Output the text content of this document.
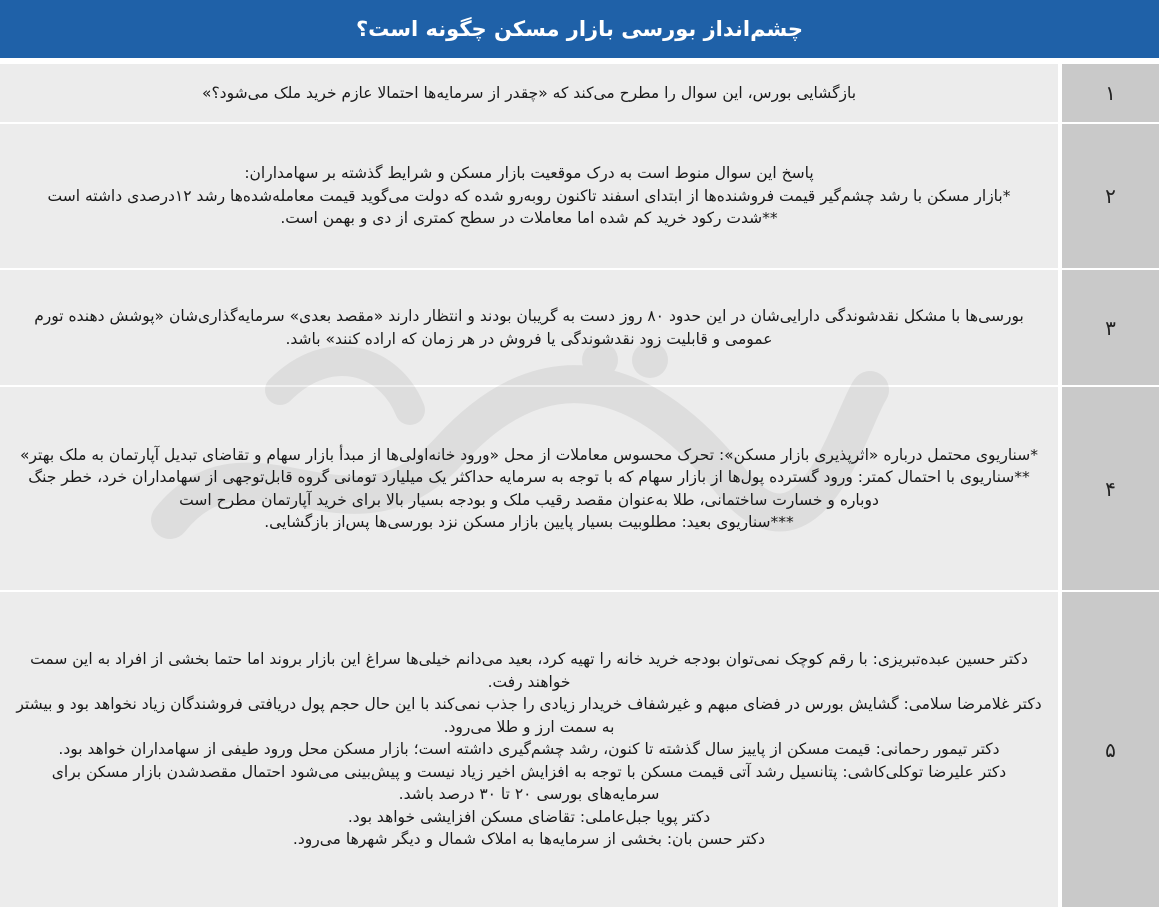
چشم‌انداز بورسی بازار مسکن چگونه است؟
بازگشایی بورس، این سوال را مطرح می‌کند که «چقدر از سرمایه‌ها احتمالا عازم خرید ملک می‌شود؟»	۱
پاسخ این سوال منوط است به درک موقعیت بازار مسکن و شرایط گذشته بر سهامداران:
*بازار مسکن با رشد چشم‌گیر قیمت فروشنده‌ها از ابتدای اسفند تاکنون روبه‌رو شده که دولت می‌گوید قیمت معامله‌شده‌ها رشد ۱۲درصدی داشته است
**شدت رکود خرید کم شده اما معاملات در سطح کمتری از دی و بهمن است.
۲
بورسی‌ها با مشکل نقدشوندگی دارایی‌شان در این حدود ۸۰ روز دست به گریبان بودند و انتظار دارند «مقصد بعدی» سرمایه‌گذاری‌شان «پوشش دهنده تورم عمومی و قابلیت زود نقدشوندگی یا فروش در هر زمان که اراده کنند» باشد.	۳
*سناریوی محتمل درباره «اثرپذیری بازار مسکن»: تحرک محسوس معاملات از محل «ورود خانه‌اولی‌ها از مبدأ بازار سهام و تقاضای تبدیل آپارتمان به ملک بهتر»
**سناریوی با احتمال کمتر: ورود گسترده پول‌ها از بازار سهام که با توجه به سرمایه حداکثر یک میلیارد تومانی گروه قابل‌توجهی از سهامداران خرد، خطر جنگ دوباره و خسارت ساختمانی، طلا به‌عنوان مقصد رقیب ملک و بودجه بسیار بالا برای خرید آپارتمان مطرح است
***سناریوی بعید: مطلوبیت بسیار پایین بازار مسکن نزد بورسی‌ها پس‌از بازگشایی.
۴
دکتر حسین عبده‌تبریزی: با رقم کوچک نمی‌توان بودجه خرید خانه را تهیه کرد، بعید می‌دانم خیلی‌ها سراغ این بازار بروند اما حتما بخشی از افراد به این سمت خواهند رفت.
دکتر غلامرضا سلامی: گشایش بورس در فضای مبهم و غیرشفاف خریدار زیادی را جذب نمی‌کند با این حال حجم پول دریافتی فروشندگان زیاد نخواهد بود و بیشتر به سمت ارز و طلا می‌رود.
دکتر تیمور رحمانی: قیمت مسکن از پاییز سال گذشته تا کنون، رشد چشم‌گیری داشته است؛ بازار مسکن محل ورود طیفی از سهامداران خواهد بود.
دکتر علیرضا توکلی‌کاشی: پتانسیل رشد آتی قیمت مسکن با توجه به افزایش اخیر زیاد نیست و پیش‌بینی می‌شود احتمال مقصدشدن بازار مسکن برای سرمایه‌های بورسی ۲۰ تا ۳۰ درصد باشد.
دکتر پویا جبل‌عاملی: تقاضای مسکن افزایشی خواهد بود.
دکتر حسن بان: بخشی از سرمایه‌ها به املاک شمال و دیگر شهرها می‌رود.
۵
